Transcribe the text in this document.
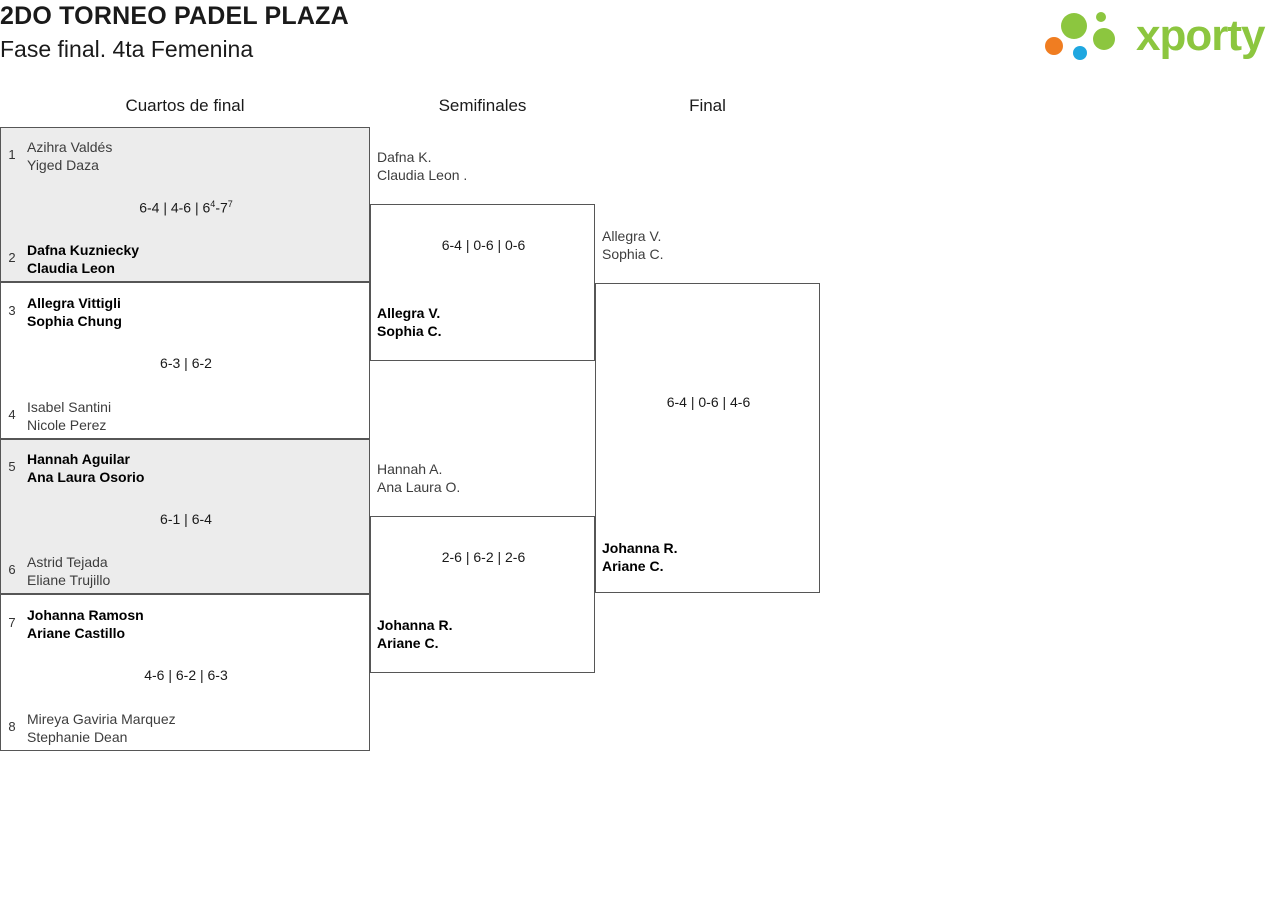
2DO TORNEO PADEL PLAZA
Fase final. 4ta Femenina	xporty
Cuartos de final	Semifinales	Final
1 Azihra Valdés
Yiged Daza
6-4 | 4-6 | $6^4-7^7$
2 Dafna Kuzniecky
Claudia Leon
3 Allegra Vittigli
Sophia Chung
6-3 | 6-2
4 Isabel Santini
Nicole Perez
5 Hannah Aguilar
Ana Laura Osorio
6-1 | 6-4
6 Astrid Tejada
Eliane Trujillo
7 Johanna Ramosn
Ariane Castillo
4-6 | 6-2 | 6-3
8 Mireya Gaviria Marquez
Stephanie Dean
Dafna K.
Claudia Leon .
6-4 | 0-6 | 0-6
Allegra V.
Sophia C.
Hannah A.
Ana Laura O.
2-6 | 6-2 | 2-6
Johanna R.
Ariane C.
Allegra V.
Sophia C.
6-4 | 0-6 | 4-6
Johanna R.
Ariane C.
